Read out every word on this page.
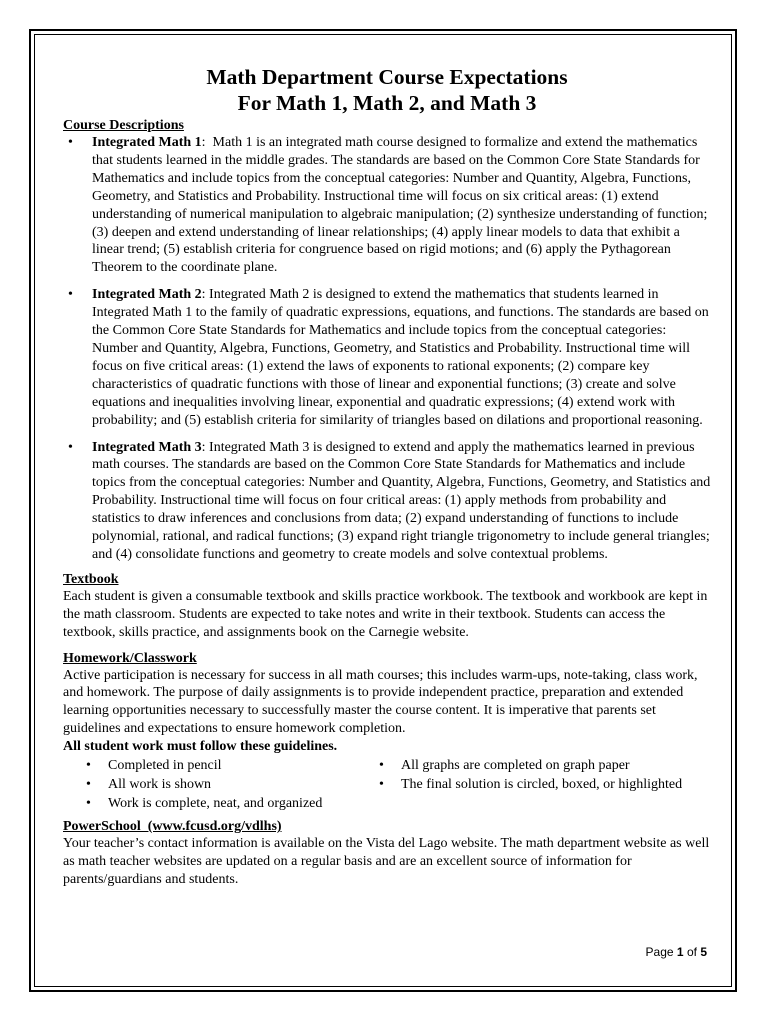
Math Department Course Expectations
For Math 1, Math 2, and Math 3
Course Descriptions
• Integrated Math 1:  Math 1 is an integrated math course designed to formalize and extend the mathematics that students learned in the middle grades. The standards are based on the Common Core State Standards for Mathematics and include topics from the conceptual categories: Number and Quantity, Algebra, Functions, Geometry, and Statistics and Probability. Instructional time will focus on six critical areas: (1) extend understanding of numerical manipulation to algebraic manipulation; (2) synthesize understanding of function; (3) deepen and extend understanding of linear relationships; (4) apply linear models to data that exhibit a linear trend; (5) establish criteria for congruence based on rigid motions; and (6) apply the Pythagorean Theorem to the coordinate plane.
• Integrated Math 2: Integrated Math 2 is designed to extend the mathematics that students learned in Integrated Math 1 to the family of quadratic expressions, equations, and functions. The standards are based on the Common Core State Standards for Mathematics and include topics from the conceptual categories: Number and Quantity, Algebra, Functions, Geometry, and Statistics and Probability. Instructional time will focus on five critical areas: (1) extend the laws of exponents to rational exponents; (2) compare key characteristics of quadratic functions with those of linear and exponential functions; (3) create and solve equations and inequalities involving linear, exponential and quadratic expressions; (4) extend work with probability; and (5) establish criteria for similarity of triangles based on dilations and proportional reasoning.
• Integrated Math 3: Integrated Math 3 is designed to extend and apply the mathematics learned in previous math courses. The standards are based on the Common Core State Standards for Mathematics and include topics from the conceptual categories: Number and Quantity, Algebra, Functions, Geometry, and Statistics and Probability. Instructional time will focus on four critical areas: (1) apply methods from probability and statistics to draw inferences and conclusions from data; (2) expand understanding of functions to include polynomial, rational, and radical functions; (3) expand right triangle trigonometry to include general triangles; and (4) consolidate functions and geometry to create models and solve contextual problems.
Textbook
Each student is given a consumable textbook and skills practice workbook. The textbook and workbook are kept in the math classroom. Students are expected to take notes and write in their textbook. Students can access the textbook, skills practice, and assignments book on the Carnegie website.
Homework/Classwork
Active participation is necessary for success in all math courses; this includes warm-ups, note-taking, class work, and homework. The purpose of daily assignments is to provide independent practice, preparation and extended learning opportunities necessary to successfully master the course content. It is imperative that parents set guidelines and expectations to ensure homework completion.
All student work must follow these guidelines.
• Completed in pencil
• All work is shown
• Work is complete, neat, and organized
• All graphs are completed on graph paper
• The final solution is circled, boxed, or highlighted
PowerSchool  (www.fcusd.org/vdlhs)
Your teacher’s contact information is available on the Vista del Lago website. The math department website as well as math teacher websites are updated on a regular basis and are an excellent source of information for parents/guardians and students.
Page 1 of 5
